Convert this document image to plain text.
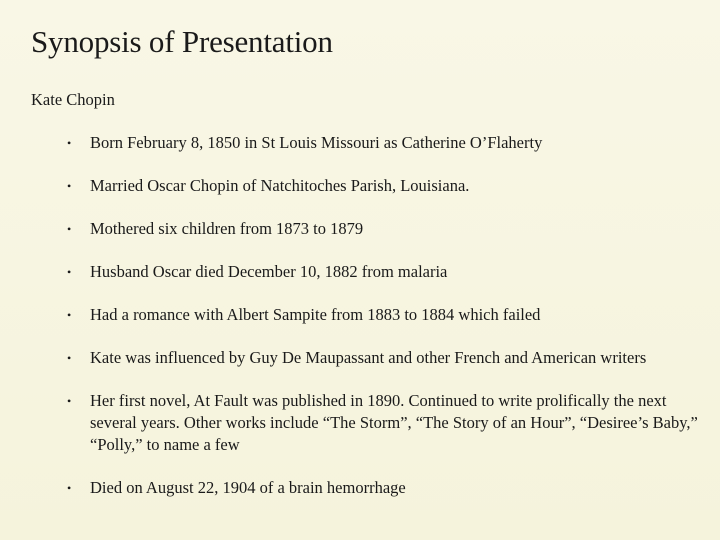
Synopsis of Presentation
Kate Chopin
• Born February 8, 1850 in St Louis Missouri as Catherine O’Flaherty
• Married Oscar Chopin of Natchitoches Parish, Louisiana.
• Mothered six children from 1873 to 1879
• Husband Oscar died December 10, 1882 from malaria
• Had a romance with Albert Sampite from 1883 to 1884 which failed
• Kate was influenced by Guy De Maupassant and other French and American writers
• Her first novel, At Fault was published in 1890. Continued to write prolifically the next several years. Other works include “The Storm”, “The Story of an Hour”, “Desiree’s Baby,” “Polly,” to name a few
• Died on August 22, 1904 of a brain hemorrhage
